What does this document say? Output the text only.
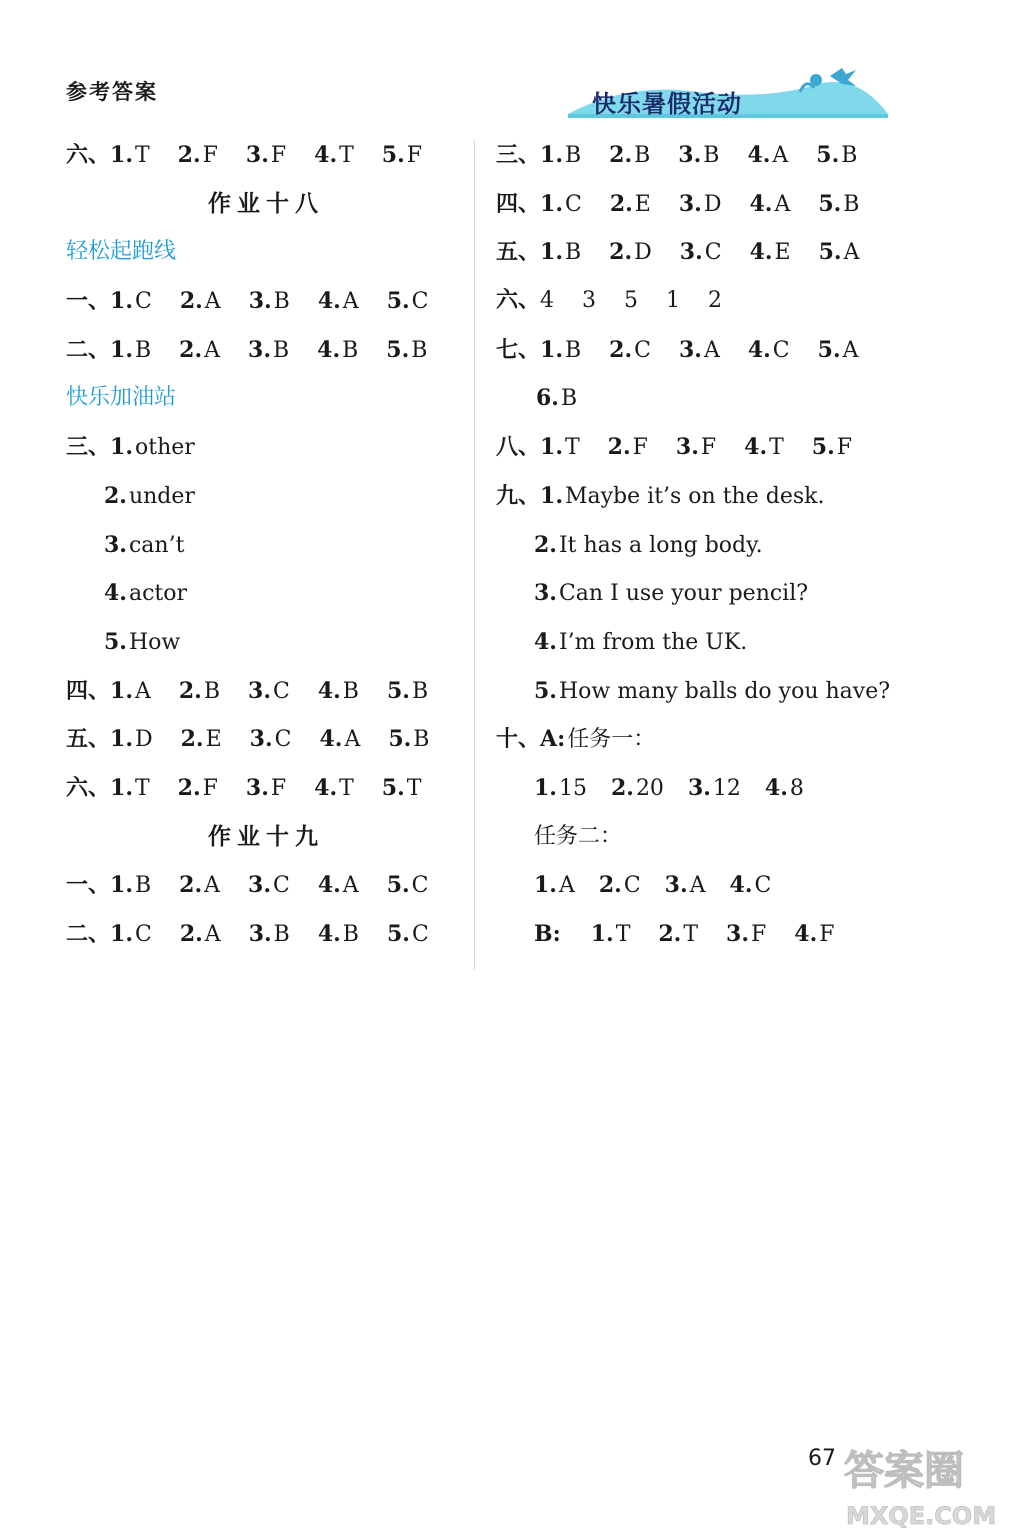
参考答案	快乐暑假活动
六、1.T 2.F 3.F 4.T 5.F
作业十八
轻松起跑线
一、1.C 2.A 3.B 4.A 5.C
二、1.B 2.A 3.B 4.B 5.B
快乐加油站
三、1.other
2.under
3.can’t
4.actor
5.How
四、1.A 2.B 3.C 4.B 5.B
五、1.D 2.E 3.C 4.A 5.B
六、1.T 2.F 3.F 4.T 5.T
作业十九
一、1.B 2.A 3.C 4.A 5.C
二、1.C 2.A 3.B 4.B 5.C
三、1.B 2.B 3.B 4.A 5.B
四、1.C 2.E 3.D 4.A 5.B
五、1.B 2.D 3.C 4.E 5.A
六、4 3 5 1 2
七、1.B 2.C 3.A 4.C 5.A
6.B
八、1.T 2.F 3.F 4.T 5.F
九、1.Maybe it’s on the desk.
2.It has a long body.
3.Can I use your pencil?
4.I’m from the UK.
5.How many balls do you have?
十、A:任务一：
1.15 2.20 3.12 4.8
任务二：
1.A 2.C 3.A 4.C
B: 1.T 2.T 3.F 4.F
67 答案圈
MXQE.COM
